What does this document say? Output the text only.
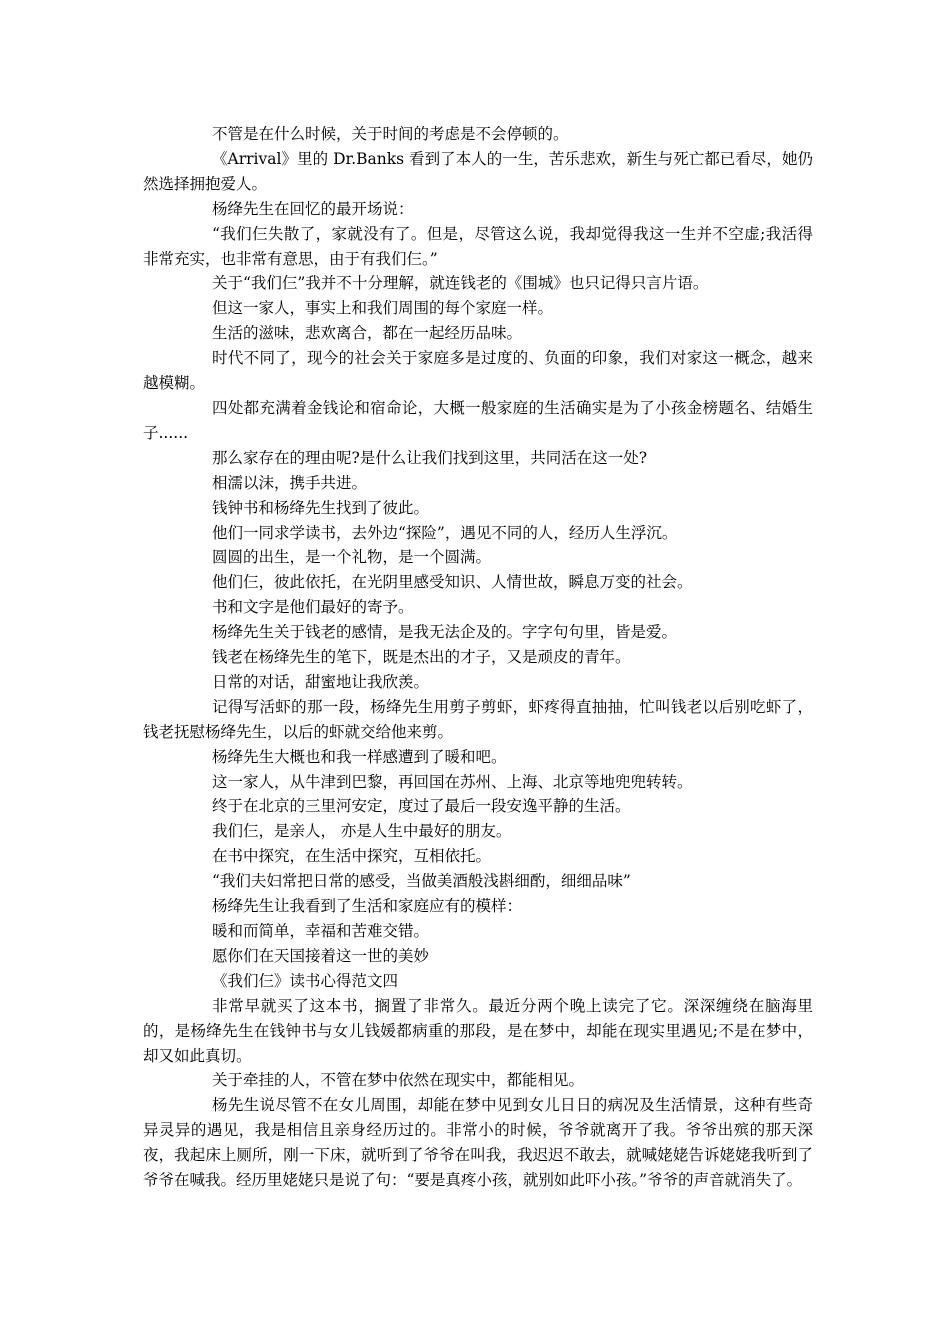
不管是在什么时候，关于时间的考虑是不会停顿的。

《Arrival》里的 Dr.Banks 看到了本人的一生，苦乐悲欢，新生与死亡都已看尽，她仍然选择拥抱爱人。

杨绛先生在回忆的最开场说：

“我们仨失散了，家就没有了。但是，尽管这么说，我却觉得我这一生并不空虚;我活得非常充实，也非常有意思，由于有我们仨。”

关于“我们仨”我并不十分理解，就连钱老的《围城》也只记得只言片语。

但这一家人，事实上和我们周围的每个家庭一样。

生活的滋味，悲欢离合，都在一起经历品味。

时代不同了，现今的社会关于家庭多是过度的、负面的印象，我们对家这一概念，越来越模糊。

四处都充满着金钱论和宿命论，大概一般家庭的生活确实是为了小孩金榜题名、结婚生子......

那么家存在的理由呢?是什么让我们找到这里，共同活在这一处?

相濡以沫，携手共进。

钱钟书和杨绛先生找到了彼此。

他们一同求学读书，去外边“探险”，遇见不同的人，经历人生浮沉。

圆圆的出生，是一个礼物，是一个圆满。

他们仨，彼此依托，在光阴里感受知识、人情世故，瞬息万变的社会。

书和文字是他们最好的寄予。

杨绛先生关于钱老的感情，是我无法企及的。字字句句里，皆是爱。

钱老在杨绛先生的笔下，既是杰出的才子，又是顽皮的青年。

日常的对话，甜蜜地让我欣羡。

记得写活虾的那一段，杨绛先生用剪子剪虾，虾疼得直抽抽，忙叫钱老以后别吃虾了，钱老抚慰杨绛先生，以后的虾就交给他来剪。

杨绛先生大概也和我一样感遭到了暖和吧。

这一家人，从牛津到巴黎，再回国在苏州、上海、北京等地兜兜转转。

终于在北京的三里河安定，度过了最后一段安逸平静的生活。

我们仨，是亲人， 亦是人生中最好的朋友。

在书中探究，在生活中探究，互相依托。

“我们夫妇常把日常的感受，当做美酒般浅斟细酌，细细品味”

杨绛先生让我看到了生活和家庭应有的模样：

暖和而简单，幸福和苦难交错。

愿你们在天国接着这一世的美妙

《我们仨》读书心得范文四

非常早就买了这本书，搁置了非常久。最近分两个晚上读完了它。深深缠绕在脑海里的，是杨绛先生在钱钟书与女儿钱媛都病重的那段，是在梦中，却能在现实里遇见;不是在梦中，却又如此真切。

关于牵挂的人，不管在梦中依然在现实中，都能相见。

杨先生说尽管不在女儿周围，却能在梦中见到女儿日日的病况及生活情景，这种有些奇异灵异的遇见，我是相信且亲身经历过的。非常小的时候，爷爷就离开了我。爷爷出殡的那天深夜，我起床上厕所，刚一下床，就听到了爷爷在叫我，我迟迟不敢去，就喊姥姥告诉姥姥我听到了爷爷在喊我。经历里姥姥只是说了句：“要是真疼小孩，就别如此吓小孩。”爷爷的声音就消失了。
